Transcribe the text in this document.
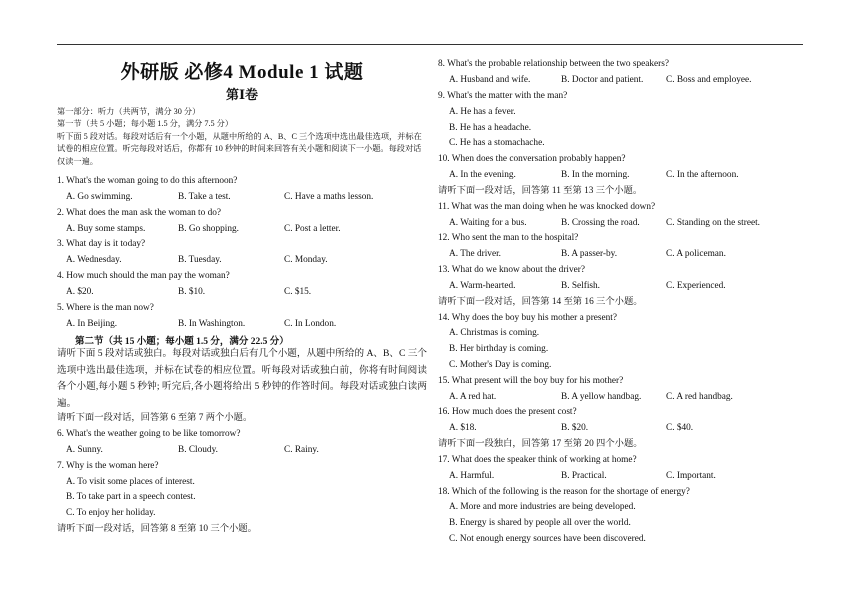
外研版 必修4 Module 1 试题
第Ⅰ卷
第一部分：听力（共两节，满分 30 分）
第一节（共 5 小题；每小题 1.5 分，满分 7.5 分）
听下面 5 段对话。每段对话后有一个小题，从题中所给的 A、B、C 三个选项中选出最佳选项，并标在试卷的相应位置。听完每段对话后，你都有 10 秒钟的时间来回答有关小题和阅读下一小题。每段对话仅读一遍。
1. What's the woman going to do this afternoon?
A. Go swimming.	B. Take a test.	C. Have a maths lesson.
2. What does the man ask the woman to do?
A. Buy some stamps.	B. Go shopping.	C. Post a letter.
3. What day is it today?
A. Wednesday.	B. Tuesday.	C. Monday.
4. How much should the man pay the woman?
A. $20.	B. $10.	C. $15.
5. Where is the man now?
A. In Beijing.	B. In Washington.	C. In London.
第二节（共 15 小题；每小题 1.5 分，满分 22.5 分）
请听下面 5 段对话或独白。每段对话或独白后有几个小题，从题中所给的 A、B、C 三个选项中选出最佳选项，并标在试卷的相应位置。听每段对话或独白前，你将有时间阅读各个小题,每小题 5 秒钟; 听完后,各小题将给出 5 秒钟的作答时间。每段对话或独白读两遍。
请听下面一段对话，回答第 6 至第 7 两个小题。
6. What's the weather going to be like tomorrow?
A. Sunny.	B. Cloudy.	C. Rainy.
7. Why is the woman here?
A. To visit some places of interest.
B. To take part in a speech contest.
C. To enjoy her holiday.
请听下面一段对话，回答第 8 至第 10 三个小题。
8. What's the probable relationship between the two speakers?
A. Husband and wife.	B. Doctor and patient. C. Boss and employee.
9. What's the matter with the man?
A. He has a fever.
B. He has a headache.
C. He has a stomachache.
10. When does the conversation probably happen?
A. In the evening.	B. In the morning.	C. In the afternoon.
请听下面一段对话，回答第 11 至第 13 三个小题。
11. What was the man doing when he was knocked down?
A. Waiting for a bus.	B. Crossing the road.	C. Standing on the street.
12. Who sent the man to the hospital?
A. The driver.	B. A passer-by.	C. A policeman.
13. What do we know about the driver?
A. Warm-hearted.	B. Selfish.	C. Experienced.
请听下面一段对话，回答第 14 至第 16 三个小题。
14. Why does the boy buy his mother a present?
A. Christmas is coming.
B. Her birthday is coming.
C. Mother's Day is coming.
15. What present will the boy buy for his mother?
A. A red hat.	B. A yellow handbag.	C. A red handbag.
16. How much does the present cost?
A. $18.	B. $20.	C. $40.
请听下面一段独白，回答第 17 至第 20 四个小题。
17. What does the speaker think of working at home?
A. Harmful.	B. Practical.	C. Important.
18. Which of the following is the reason for the shortage of energy?
A. More and more industries are being developed.
B. Energy is shared by people all over the world.
C. Not enough energy sources have been discovered.
